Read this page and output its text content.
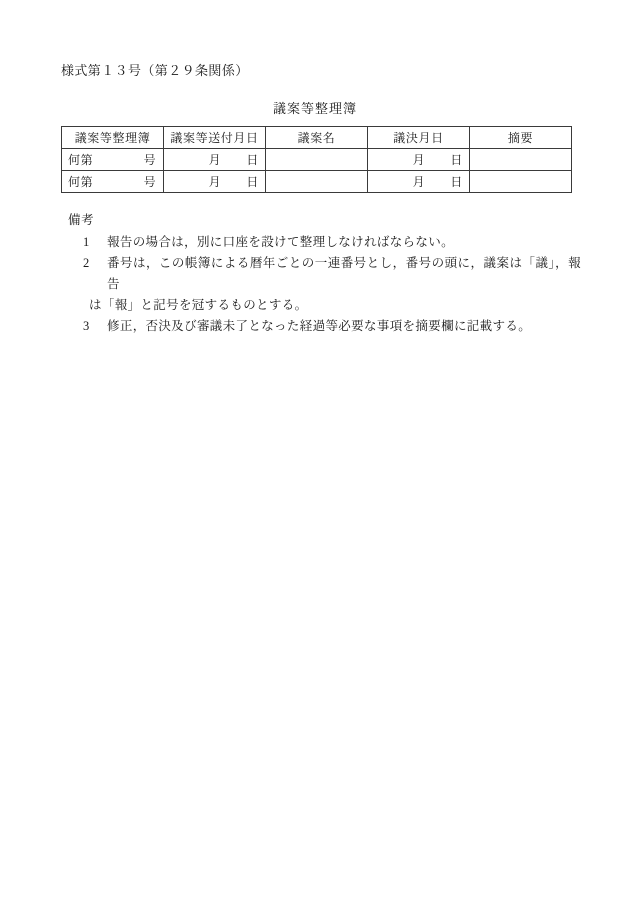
様式第１３号（第２９条関係）
議案等整理簿
議案等整理簿	議案等送付月日	議案名	議決月日	摘要
何第　　　　号	月　　日		月　　日	
何第　　　　号	月　　日		月　　日	
備考
1	報告の場合は，別に口座を設けて整理しなければならない。
2	番号は，この帳簿による暦年ごとの一連番号とし，番号の頭に，議案は「議」，報告
は「報」と記号を冠するものとする。
3	修正，否決及び審議未了となった経過等必要な事項を摘要欄に記載する。
